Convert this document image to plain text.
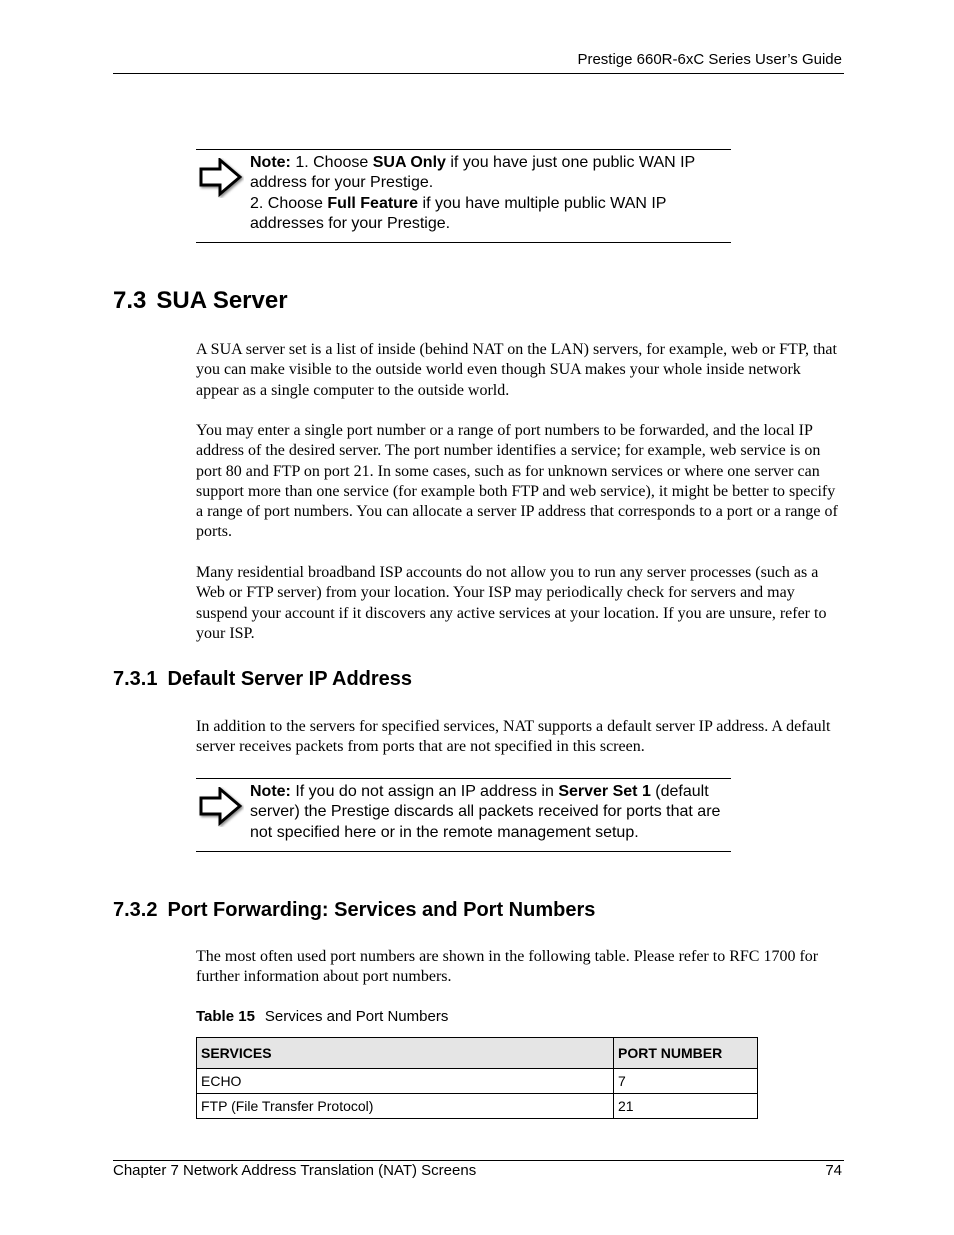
Prestige 660R-6xC Series User’s Guide
Note: 1. Choose SUA Only if you have just one public WAN IP address for your Prestige.
2. Choose Full Feature if you have multiple public WAN IP addresses for your Prestige.
7.3 SUA Server
A SUA server set is a list of inside (behind NAT on the LAN) servers, for example, web or FTP, that you can make visible to the outside world even though SUA makes your whole inside network appear as a single computer to the outside world.
You may enter a single port number or a range of port numbers to be forwarded, and the local IP address of the desired server. The port number identifies a service; for example, web service is on port 80 and FTP on port 21. In some cases, such as for unknown services or where one server can support more than one service (for example both FTP and web service), it might be better to specify a range of port numbers. You can allocate a server IP address that corresponds to a port or a range of ports.
Many residential broadband ISP accounts do not allow you to run any server processes (such as a Web or FTP server) from your location. Your ISP may periodically check for servers and may suspend your account if it discovers any active services at your location. If you are unsure, refer to your ISP.
7.3.1 Default Server IP Address
In addition to the servers for specified services, NAT supports a default server IP address. A default server receives packets from ports that are not specified in this screen.
Note: If you do not assign an IP address in Server Set 1 (default server) the Prestige discards all packets received for ports that are not specified here or in the remote management setup.
7.3.2 Port Forwarding: Services and Port Numbers
The most often used port numbers are shown in the following table. Please refer to RFC 1700 for further information about port numbers.
Table 15 Services and Port Numbers
SERVICES	PORT NUMBER
ECHO	7
FTP (File Transfer Protocol)	21
Chapter 7 Network Address Translation (NAT) Screens	74
